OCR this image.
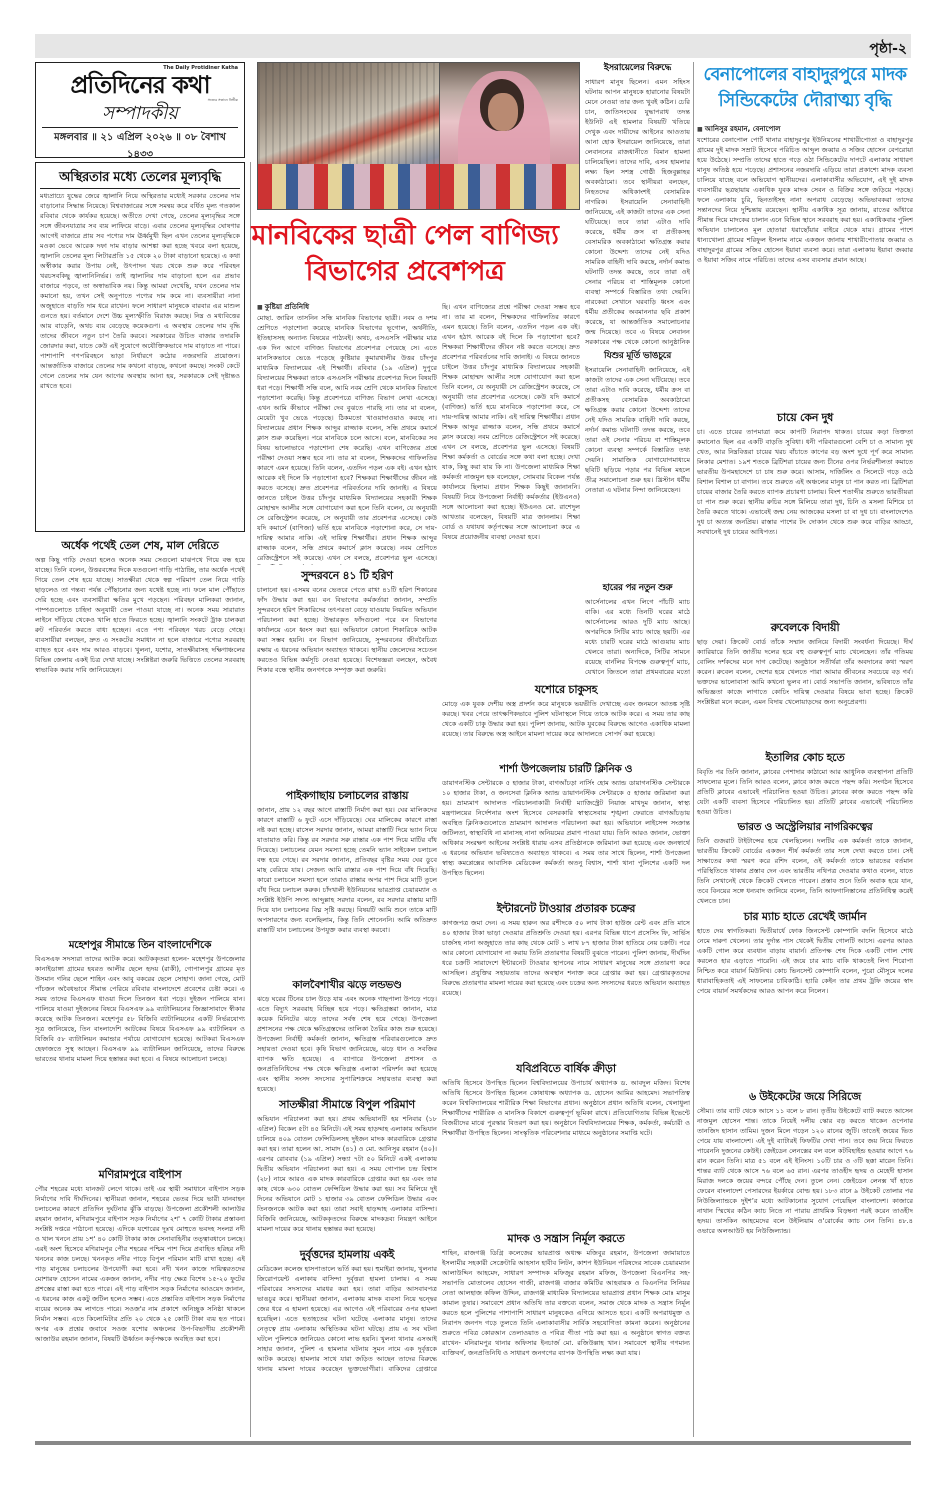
পৃষ্ঠা-২
The Daily Protidiner Katha
প্রতিদিনের কথা
সত্যের সন্ধানে নির্ভীক
সম্পাদকীয়
মঙ্গলবার ॥ ২১ এপ্রিল ২০২৬ ॥ ০৮ বৈশাখ ১৪৩৩
অস্থিরতার মধ্যে তেলের মূল্যবৃদ্ধি

মধ্যপ্রাচ্যে যুদ্ধের জেরে জ্বালানি নিয়ে অস্থিরতার মধ্যেই সরকার তেলের দাম বাড়ানোর সিদ্ধান্ত নিয়েছে। বিশ্ববাজারের সঙ্গে সমন্বয় করে বর্ধিত মূল্য গতকাল রবিবার থেকে কার্যকর হয়েছে। অতীতে দেখা গেছে, তেলের মূল্যবৃদ্ধির সঙ্গে সঙ্গে জীবনযাত্রার সব ব্যয় লাফিয়ে বাড়ে। এবার তেলের মূল্যবৃদ্ধির ঘোষণার আগেই বাজারে প্রায় সব পণ্যের দাম ঊর্ধ্বমুখী ছিল এখন তেলের মূল্যবৃদ্ধিকে মওকা ভেবে আরেক দফা দাম বাড়ার আশঙ্কা করা হচ্ছে খবরে বলা হয়েছে, জ্বালানি তেলের মূল্য লিটারপ্রতি ১৫ থেকে ২০ টাকা বাড়ানো হয়েছে। এ কথা অস্বীকার করার উপায় নেই, উৎপাদন খরচ থেকে শুরু করে পরিবহন খরচসবকিছু জ্বালানিনির্ভর। তাই জ্বালানির দাম বাড়ানো হলে এর প্রভাব বাজারে পড়বে, তা অস্বাভাবিক নয়। কিন্তু আমরা দেখেছি, যখন তেলের দাম কমানো হয়, তখন সেই অনুপাতে পণ্যের দাম কমে না। ব্যবসায়ীরা নানা অজুহাতে বাড়তি দাম ধরে রাখেন। ফলে সাধারণ মানুষকে বারবার এর মাশুল গুনতে হয়। বর্তমানে দেশে উচ্চ মূল্যস্ফীতি বিরাজ করছে। নিম্ন ও মধ্যবিত্তের আয় বাড়েনি, অথচ ব্যয় বেড়েছে কয়েকগুণ। এ অবস্থায় তেলের দাম বৃদ্ধি তাদের জীবনে নতুন চাপ তৈরি করবে। সরকারের উচিত বাজার তদারকি জোরদার করা, যাতে কেউ এই সুযোগে অযৌক্তিকভাবে দাম বাড়াতে না পারে। পাশাপাশি গণপরিবহনে ভাড়া নির্ধারণে কঠোর নজরদারি প্রয়োজন। আন্তর্জাতিক বাজারে তেলের দাম কখনো বাড়ছে, কখনো কমছে। সংকট কেটে গেলে তেলের দাম যেন আগের অবস্থায় আনা হয়, সরকারকে সেই দৃষ্টান্তও রাখতে হবে।

অর্ধেক পথেই তেল শেষ, মাল দেরিতে

অল্প কিছু গাড়ি দেওয়া হলেও অনেক সময় সেগুলো মাঝপথে গিয়ে বন্ধ হয়ে যাচ্ছে। তিনি বলেন, উত্তরবঙ্গের দিকে যতগুলো গাড়ি পাঠাচ্ছি, তার অর্ধেক পথেই গিয়ে তেল শেষ হয়ে যাচ্ছে। সাতক্ষীরা থেকে স্বল্প পরিমাণ তেল নিয়ে গাড়ি ছাড়লেও তা গন্তব্য পর্যন্ত পৌঁছানোর জন্য যথেষ্ট হচ্ছে না। ফলে মাল পৌঁছাতে দেরি হচ্ছে এবং ব্যবসায়ীরা ক্ষতির মুখে পড়ছেন। পরিবহন মালিকরা জানান, পাম্পগুলোতে চাহিদা অনুযায়ী তেল পাওয়া যাচ্ছে না। অনেক সময় সারারাত লাইনে দাঁড়িয়ে থেকেও খালি হাতে ফিরতে হচ্ছে। জ্বালানি সংকটে ট্রাক চালকরা রুট পরিবর্তন করতে বাধ্য হচ্ছেন। এতে পণ্য পরিবহন খরচ বেড়ে গেছে। ব্যবসায়ীরা বলছেন, দ্রুত এ সংকটের সমাধান না হলে বাজারে পণ্যের সরবরাহ ব্যাহত হবে এবং দাম আরও বাড়বে। খুলনা, যশোর, সাতক্ষীরাসহ দক্ষিণাঞ্চলের বিভিন্ন জেলায় একই চিত্র দেখা যাচ্ছে। সংশ্লিষ্টরা জরুরি ভিত্তিতে তেলের সরবরাহ স্বাভাবিক করার দাবি জানিয়েছেন।

মহেশপুর সীমান্তে তিন বাংলাদেশিকে

বিএসএফ সদস্যরা তাদের আটক করে। আটককৃতরা হলেন- মহেশপুর উপজেলার কানাইডাঙ্গা গ্রামের হযরত আলীর ছেলে হৃদয় (রাকী), গোপালপুর গ্রামের মৃত উসমান গনির ছেলে শাহিন এবং আবু বকরের ছেলে সোহাগ। জানা গেছে, মোট পাঁচজন অবৈধভাবে সীমান্ত পেরিয়ে রবিবার বাংলাদেশে প্রবেশের চেষ্টা করে। এ সময় তাদের বিএসএফ ধাওয়া দিলে তিনজন ধরা পড়ে। দুইজন পালিয়ে যান। পালিয়ে যাওয়া দুইজনের বিষয়ে বিএসএফ ৯৯ ব্যাটালিয়নের জিজ্ঞাসাবাদে স্বীকার করেছে আটক তিনজন। মহেশপুর ৫৮ বিজিবি ব্যাটালিয়নের একটি নির্ভরযোগ্য সূত্র জানিয়েছে, তিন বাংলাদেশি আটকের বিষয়ে বিএসএফ ৯৯ ব্যাটালিয়ন ও বিজিবি ৫৮ ব্যাটালিয়ন কমান্ডার পর্যায়ে যোগাযোগ হয়েছে। আটকরা বিএসএফ হেফাজতে সুস্থ আছেন। বিএসএফ ৯৯ ব্যাটালিয়ন জানিয়েছে, তাদের বিরুদ্ধে ভারতের থানায় মামলা দিয়ে হস্তান্তর করা হবে। এ বিষয়ে আলোচনা চলছে।

মণিরামপুরে বাইপাস

পৌর শহরের মধ্যে যানজট লেগে থাকে। তাই এর স্থায়ী সমাধানে বাইপাস সড়ক নির্মাণের দাবি দীর্ঘদিনের। স্থানীয়রা জানান, শহরের ভেতর দিয়ে ভারী যানবাহন চলাচলের কারণে প্রতিদিন দুর্ঘটনার ঝুঁকি বাড়ছে। উপজেলা প্রকৌশলী আলাউর রহমান জানান, মণিরামপুরে বাইপাস সড়ক নির্মাণের ২শ' ৭ কোটি টাকার প্রস্তাবনা সংশ্লিষ্ট দপ্তরে পাঠানো হয়েছে। এদিকে যশোরের দুঃখ মোহুতে ভবদহ সংলগ্ন নদী ও খাল খননে প্রায় ১শ' ৪০ কোটি টাকার কাজ সেনাবাহিনীর তত্ত্বাবধানে চলছে। এরই অংশ হিসেবে মণিরামপুর পৌর শহরের পশ্চিম পাশ দিয়ে প্রবাহিত হরিহর নদী খননের কাজ চলছে। খননকৃত নদীর পাড়ে বিপুল পরিমান মাটি রাখা হচ্ছে। এই পাড় মানুষের চলাচলের উপযোগী করা হবে। নদী খনন কাজে দায়িত্বরতদের মোশারফ হোসেন নামের একজন জানান, নদীর পাড় ক্ষেত্র বিশেষ ১৫-২০ ফুটের প্রশস্তের রাস্তা করা হতে পারে। এই পাড় বাইপাস সড়ক নির্মাণের আওয়েদ জানান, এ ধরনের কাজ একটু জটিল হলেও সম্ভব। এতে প্রস্তাবিত বাইপাস সড়ক নির্মাণের ব্যয়ের অনেক কম লাগতে পারে। সওজ'র নাম প্রকাশে অনিচ্ছুক সনিষ্ঠা থাকলে নির্মান সম্ভব। এতে কিলোমিটার প্রতি ২০ থেকে ২৫ কোটি টাকা ব্যয় হত পারে। অপর এক প্রশ্নের জবাবে সওজ যশোর অঞ্চলের উপ-বিভাগীয় প্রকৌশলী আজাউর রহমান জানান, বিষয়টি ঊর্ধ্বতন কর্তৃপক্ষকে অবহিত করা হবে।

মানবিকের ছাত্রী পেল বাণিজ্য বিভাগের প্রবেশপত্র
■ কুষ্টিয়া প্রতিনিধি

মোছা. জারিন তাসনিন সন্ধি মানবিক বিভাগের ছাত্রী। নবম ও দশম শ্রেণিতে পড়াশোনা করেছে মানবিক বিভাগের ভূগোল, অর্থনীতি, ইতিহাসসহ অন্যান্য বিষয়ের পাঠ্যবই। অথচ, এসএসসি পরীক্ষার মাত্র এক দিন আগে বাণিজ্য বিভাগের প্রবেশপত্র পেয়েছে সে। এতে মানসিকভাবে ভেঙে পড়েছে কুষ্টিয়ার কুমারখালীর উত্তর চাঁদপুর মাধ্যমিক বিদ্যালয়ের এই শিক্ষার্থী। রবিবার (১৯ এপ্রিল) দুপুরে বিদ্যালয়ের শিক্ষকরা তাকে এসএসসি পরীক্ষার প্রবেশপত্র দিলে বিষয়টি ধরা পড়ে। শিক্ষার্থী সন্ধি বলে, আমি নবম শ্রেণি থেকে মানবিক বিভাগে পড়াশোনা করেছি। কিন্তু প্রবেশপত্রে বাণিজ্য বিভাগ লেখা এসেছে। এখন আমি কীভাবে পরীক্ষা দেব বুঝতে পারছি না। তার মা বলেন, মেয়েটা খুব ভেঙে পড়েছে। ঠিকমতো খাওয়াদাওয়াও করছে না। বিদ্যালয়ের প্রধান শিক্ষক আব্দুর রাজ্জাক বলেন, সন্ধি প্রথমে কমার্সে ক্লাস শুরু করেছিল। পরে মানবিকে চলে আসে। বলে, মানবিকের সব বিষয় ভালোভাবে পড়াশোনা শেষ করেছি। এখন বাণিজ্যের প্রশ্নে পরীক্ষা দেওয়া সম্ভব হবে না। তার মা বলেন, শিক্ষকদের গাফিলতির কারণে এমন হয়েছে। তিনি বলেন, এতদিন পড়ল এক বই। এখন হঠাৎ আরেক বই দিলে কি পড়াশোনা হবে? শিক্ষকরা শিক্ষার্থীদের জীবন নষ্ট করতে বসেছে। দ্রুত প্রবেশপত্র পরিবর্তনের দাবি জানাই। এ বিষয়ে জানতে চাইলে উত্তর চাঁদপুর মাধ্যমিক বিদ্যালয়ের সহকারী শিক্ষক মোহাম্মদ আলীর সঙ্গে যোগাযোগ করা হলে তিনি বলেন, যে অনুযায়ী সে রেজিস্ট্রেশন করেছে, সে অনুযায়ী তার প্রবেশপত্র এসেছে। কেউ যদি কমার্সে (বাণিজ্য) ভর্তি হয়ে মানবিকে পড়াশোনা করে, সে দায়-দায়িত্ব আমার নাকি। এই দায়িত্ব শিক্ষার্থীর। প্রধান শিক্ষক আব্দুর রাজ্জাক বলেন, সন্ধি প্রথমে কমার্সে ক্লাস করেছে। নবম শ্রেণিতে রেজিস্ট্রেশনে সই করেছে। এখন সে বলছে, প্রবেশপত্র ভুল এসেছে।

সুন্দরবনে ৪১ টি হরিণ

চালানো হয়। এসময় বনের ভেতরে পেতে রাখা ৪১টি হরিণ শিকারের ফাঁদ উদ্ধার করা হয়। বন বিভাগের কর্মকর্তারা জানান, সম্প্রতি সুন্দরবনে হরিণ শিকারিদের তৎপরতা বেড়ে যাওয়ায় নিয়মিত অভিযান পরিচালনা করা হচ্ছে। উদ্ধারকৃত ফাঁদগুলো পরে বন বিভাগের কার্যালয়ে এনে ধ্বংস করা হয়। অভিযানে কোনো শিকারিকে আটক করা সম্ভব হয়নি। বন বিভাগ জানিয়েছে, সুন্দরবনের জীববৈচিত্র্য রক্ষায় এ ধরনের অভিযান অব্যাহত থাকবে। স্থানীয় জেলেদের সচেতন করতেও বিভিন্ন কর্মসূচি নেওয়া হয়েছে। বিশেষজ্ঞরা বলছেন, অবৈধ শিকার বন্ধে স্থানীয় জনগণকে সম্পৃক্ত করা জরুরি।

পাইকগাছায় চলাচলের রাস্তায়

জানান, প্রায় ১২ বছর আগে রাস্তাটি নির্মাণ করা হয়। ঘের মালিকদের কারণে রাস্তাটি ৬ ফুটে এসে দাঁড়িয়েছে। ঘের মালিকের কারণে রাস্তা নষ্ট করা হচ্ছে। রাসেল সরদার জানান, আমরা রাস্তাটি দিয়ে ভ্যান নিয়ে যাতায়াত করি। কিন্তু রব সরদার সরু রাস্তার এক পাশ দিয়ে মাটির বাঁধ দিয়েছে। চলাচলের যেমন সমস্যা হচ্ছে তেমনি ভ্যান সাইকেল চলাচল বন্ধ হয়ে গেছে। রব সরদার জানান, প্রতিবছর বৃষ্টির সময় ঘের ডুবে মাছ বেরিয়ে যায়। সেজন্য আমি রাস্তার এক পাশ দিয়ে বাঁধ দিয়েছি। কারো চলাচলে সমস্যা হলে তারাও রাস্তার অপর পাশ দিয়ে মাটি তুলে বাঁধ দিয়ে চলাচল করুক। চাঁদখালী ইউনিয়নের ভারপ্রাপ্ত চেয়ারম্যান ও সংশ্লিষ্ট ইউপি সদস্য আব্দুল্লাহ সরদার বলেন, রব সরদার রাস্তায় মাটি দিয়ে যান চলাচলের বিঘ্ন সৃষ্টি করছে। বিষয়টি আমি শুনে তাকে মাটি অপসারণের জন্য বলেছিলাম, কিন্তু তিনি শোনেননি। আমি অতিদ্রুত রাস্তাটি যান চলাচলের উপযুক্ত করার ব্যবস্থা করবো।

কালবৈশাখীর ঝড়ে লন্ডভণ্ড

ঝড়ে ঘরের টিনের চাল উড়ে যায় এবং অনেক গাছপালা উপড়ে পড়ে। এতে বিদ্যুৎ সরবরাহ বিচ্ছিন্ন হয়ে পড়ে। ক্ষতিগ্রস্তরা জানান, মাত্র কয়েক মিনিটের ঝড়ে তাদের সর্বস্ব শেষ হয়ে গেছে। উপজেলা প্রশাসনের পক্ষ থেকে ক্ষতিগ্রস্তদের তালিকা তৈরির কাজ শুরু হয়েছে। উপজেলা নির্বাহী কর্মকর্তা জানান, ক্ষতিগ্রস্ত পরিবারগুলোকে দ্রুত সহায়তা দেওয়া হবে। কৃষি বিভাগ জানিয়েছে, ঝড়ে ধান ও সবজির ব্যাপক ক্ষতি হয়েছে। এ ব্যাপারে উপজেলা প্রশাসন ও জনপ্রতিনিধিদের পক্ষ থেকে ক্ষতিগ্রস্ত এলাকা পরিদর্শন করা হয়েছে এবং স্থানীয় সংসদ সদস্যের সুপারিশক্রমে সহায়তার ব্যবস্থা করা হয়েছে।

সাতক্ষীরা সীমান্তে বিপুল পরিমাণ

অভিযান পরিচালনা করা হয়। প্রথম অভিযানটি হয় শনিবার (১৮ এপ্রিল) বিকেল ৫টা ৪৫ মিনিটে। এই সময় হাড়দ্দাহ এলাকায় অভিযান চালিয়ে ৪০৯ বোতল ফেন্সিডিলসহ দুইজন মাদক কারবারিকে গ্রেপ্তার করা হয়। তারা হলেন আ. সামাদ (৪১) ও মো. আনিসুর রহমান (৪০)। এরপর রোববার (১৯ এপ্রিল) সন্ধ্যা ৭টা ৫০ মিনিটে একই এলাকায় দ্বিতীয় অভিযান পরিচালনা করা হয়। এ সময় গোপাল চন্দ্র বিশ্বাস (২৮) নামে আরও এক মাদক কারবারিকে গ্রেপ্তার করা হয় এবং তার কাছ থেকে ৬৩০ বোতল ফেন্সিডিল উদ্ধার করা হয়। সব মিলিয়ে দুই দিনের অভিযানে মোট ১ হাজার ৩৯ বোতল ফেন্সিডিল উদ্ধার এবং তিনজনকে আটক করা হয়। তারা সবাই হাড়দ্দাহ এলাকার বাসিন্দা। বিজিবি জানিয়েছে, আটককৃতদের বিরুদ্ধে মাদকদ্রব্য নিয়ন্ত্রণ আইনে মামলা দায়ের করে থানায় হস্তান্তর করা হয়েছে।

দুর্বৃত্তদের হামলায় একই

মেডিকেল কলেজ হাসপাতালে ভর্তি করা হয়। হুমাইরা জানায়, খুলনার জিরোপয়েন্ট এলাকায় বাসিন্দা দুর্বৃত্তরা হামলা চালায়। এ সময় পরিবারের সদস্যদের মারধর করা হয়। তারা বাড়ির আসবাবপত্র ভাঙচুর করে। স্থানীয়রা জানান, এলাকায় মাদক ব্যবসা নিয়ে দ্বন্দ্বের জের ধরে এ হামলা হয়েছে। এর আগেও এই পরিবারের ওপর হামলা হয়েছিল। এতে হতাহতের ঘটনা ঘটেছে এলাকার মানুষ। তাদের নেতৃত্বে প্রায় এলাকায় অস্থিতিকর ঘটনা ঘটছে। প্রায় এ সব ঘটনা ঘটলে পুলিশকে জানিয়েও কোনো লাভ হয়নি। খুলনা থানার এসআই সাহার জানান, পুলিশ এ হামলার ঘটনায় সুমন নামে এক দুর্বৃত্তকে আটক করেছে। হামলার সাথে যারা জড়িত আছেন তাদের বিরুদ্ধে থানায় মামলা দায়ের করেছেন ভুক্তভোগীরা। বাকিদের গ্রেপ্তারে

ছি। এখন বাণিজ্যের প্রশ্নে পরীক্ষা দেওয়া সম্ভব হবে না। তার মা বলেন, শিক্ষকদের গাফিলতির কারণে এমন হয়েছে। তিনি বলেন, এতদিন পড়ল এক বই। এখন হঠাৎ আরেক বই দিলে কি পড়াশোনা হবে? শিক্ষকরা শিক্ষার্থীদের জীবন নষ্ট করতে বসেছে। দ্রুত প্রবেশপত্র পরিবর্তনের দাবি জানাই। এ বিষয়ে জানতে চাইলে উত্তর চাঁদপুর মাধ্যমিক বিদ্যালয়ের সহকারী শিক্ষক মোহাম্মদ আলীর সঙ্গে যোগাযোগ করা হলে তিনি বলেন, যে অনুযায়ী সে রেজিস্ট্রেশন করেছে, সে অনুযায়ী তার প্রবেশপত্র এসেছে। কেউ যদি কমার্সে (বাণিজ্য) ভর্তি হয়ে মানবিকে পড়াশোনা করে, সে দায়-দায়িত্ব আমার নাকি। এই দায়িত্ব শিক্ষার্থীর। প্রধান শিক্ষক আব্দুর রাজ্জাক বলেন, সন্ধি প্রথমে কমার্সে ক্লাস করেছে। নবম শ্রেণিতে রেজিস্ট্রেশনে সই করেছে। এখন সে বলছে, প্রবেশপত্র ভুল এসেছে। বিষয়টি শিক্ষা কর্মকর্তা ও বোর্ডের সঙ্গে কথা বলা হচ্ছে। দেখা যাক, কিছু করা যায় কি না। উপজেলা মাধ্যমিক শিক্ষা কর্মকর্তা নাজমুল হক বলেছেন, সোমবার বিকেল পর্যন্ত কার্যালয়ে ছিলাম। প্রধান শিক্ষক কিছুই জানাননি। বিষয়টি নিয়ে উপজেলা নির্বাহী কর্মকর্তার (ইউএনও) সঙ্গে আলোচনা করা হচ্ছে। ইউএনও মো. রাশেদুল আখতার বলেছেন, বিষয়টি মাত্র জানলাম। শিক্ষা বোর্ড ও যথাযথ কর্তৃপক্ষের সঙ্গে আলোচনা করে এ বিষয়ে প্রয়োজনীয় ব্যবস্থা নেওয়া হবে।

ইসরায়েলের বিরুদ্ধে

সাধারণ মানুষ ছিলেন। এমন সহিংস ঘটনায় আপন মানুষকে হারানোর বিষয়টা মেনে নেওয়া তার জন্য খুবই কঠিন। চেরি চান, জাতিসংঘের যুদ্ধাপরাধ তদন্ত ইউনিট এই হামলার বিষয়টি খতিয়ে দেখুক এবং দায়ীদের আইনের আওতায় আনা হোক ইসরায়েল জানিয়েছে, তারা লেবাননের রাজধানীতে বিমান হামলা চালিয়েছিল। তাদের দাবি, এসব হামলার লক্ষ্য ছিল সশস্ত্র গোষ্ঠী হিজবুল্লাহর অবকাঠামো। তবে স্থানীয়রা বলছেন, নিহতদের অধিকাংশই বেসামরিক নাগরিক। ইসরায়েলি সেনাবাহিনী জানিয়েছে, এই কাজটা তাদের এক সেনা ঘটিয়েছে। তবে তারা এটাও দাবি করেছে, ধর্মীয় ক্রস বা প্রতীকসহ বেসামরিক অবকাঠামো ক্ষতিগ্রস্ত করার কোনো উদ্দেশ্য তাদের নেই যদিও সামরিক বাহিনী দাবি করছে, নর্দার্ন কমান্ড ঘটনাটি তদন্ত করছে, তবে তারা ওই সেনার পরিচয় বা শাস্তিমূলক কোনো ব্যবস্থা সম্পর্কে বিস্তারিত তথ্য দেয়নি। নারকেরা সেখানে ঘরবাড়ি ধ্বংস এবং ধর্মীয় প্রতীকের অবমাননার ছবি প্রকাশ করেছে, যা আন্তর্জাতিক সমালোচনার জন্ম দিয়েছে। তবে এ বিষয়ে লেবানন সরকারের পক্ষ থেকে কোনো আনুষ্ঠানিক

যিশুর মূর্তি ভাঙচুরে

ইসরায়েলি সেনাবাহিনী জানিয়েছে, এই কাজটা তাদের এক সেনা ঘটিয়েছে। তবে তারা এটাও দাবি করেছে, ধর্মীয় ক্রস বা প্রতীকসহ বেসামরিক অবকাঠামো ক্ষতিগ্রস্ত করার কোনো উদ্দেশ্য তাদের নেই যদিও সামরিক বাহিনী দাবি করছে, নর্দার্ন কমান্ড ঘটনাটি তদন্ত করছে, তবে তারা ওই সেনার পরিচয় বা শাস্তিমূলক কোনো ব্যবস্থা সম্পর্কে বিস্তারিত তথ্য দেয়নি। সামাজিক যোগাযোগমাধ্যমে ছবিটি ছড়িয়ে পড়ার পর বিভিন্ন মহলে তীব্র সমালোচনা শুরু হয়। খ্রিস্টান ধর্মীয় নেতারা এ ঘটনার নিন্দা জানিয়েছেন।

হারের পর নতুন শুরু

আর্সেনালের এখন লিগে পাঁচটি ম্যাচ বাকি। এর মধ্যে তিনটি ঘরের মাঠে আর্সেনালের আরও দুটি ম্যাচ আছে। অপরদিকে সিটির ম্যাচ আছে ছয়টি। এর মধ্যে চারটি ঘরের মাঠে আগুয়ায় ম্যাচ খেলবে তারা। অন্যদিকে, সিটির সামনে রয়েছে বার্নলির বিপক্ষে গুরুত্বপূর্ণ ম্যাচ, যেখানে জিতলে তারা প্রথমবারের মতো

যশোরে চাকুসহ

মোড়ে এক যুবক দেশীয় অস্ত্র প্রদর্শন করে মানুষকে ভয়ভীতি দেখাচ্ছে এবং জনমনে আতঙ্ক সৃষ্টি করছে। খবর পেয়ে তাৎক্ষণিকভাবে পুলিশ ঘটনাস্থলে গিয়ে তাকে আটক করে। এ সময় তার কাছ থেকে একটি চাকু উদ্ধার করা হয়। পুলিশ জানায়, আটক যুবকের বিরুদ্ধে আগেও একাধিক মামলা রয়েছে। তার বিরুদ্ধে অস্ত্র আইনে মামলা দায়ের করে আদালতে সোপর্দ করা হয়েছে।

শার্শা উপজেলায় চারটি ক্লিনিক ও

ডায়াগনস্টিক সেন্টারকে ৫ হাজার টাকা, বাগআঁচড়া নার্সিং হোম অ্যান্ড ডায়াগনস্টিক সেন্টারকে ১০ হাজার টাকা, ও জনসেবা ক্লিনিক অ্যান্ড ডায়াগনস্টিক সেন্টারকে ৫ হাজার জরিমানা করা হয়। ভ্রাম্যমাণ আদালত পরিচালনাকারী নির্বাহী ম্যাজিস্ট্রেট নিয়াজ মাখদুম জানান, স্বাস্থ্য মন্ত্রণালয়ের নির্দেশনার অংশ হিসেবে বেসরকারি স্বাস্থ্যসেবায় শৃঙ্খলা ফেরাতে বাগআঁচড়ায় অবস্থিত ক্লিনিকগুলোতে ভ্রাম্যমাণ আদালত পরিচালনা করা হয়। অভিযানে লাইসেন্স সংক্রান্ত জটিলতা, স্বাস্থ্যবিধি না মানাসহ নানা অনিয়মের প্রমাণ পাওয়া যায়। তিনি আরও জানান, ভোক্তা অধিকার সংরক্ষণ আইনের সংশ্লিষ্ট ধারায় এসব প্রতিষ্ঠানকে জরিমানা করা হয়েছে এবং জনস্বার্থে এ ধরনের অভিযান ভবিষ্যতেও অব্যাহত থাকবে। এ সময় তার সাথে ছিলেন, শার্শা উপজেলা স্বাস্থ্য কমপ্লেক্সের আবাসিক মেডিকেল কর্মকর্তা অতনু বিশ্বাস, শার্শা থানা পুলিশের একটি দল উপস্থিত ছিলেন।

ইন্টারনেট টাওয়ার প্রতারক চক্রের

কাগজপত্র জমা দেন। এ সময় হারুন অর রশীদকে ৫০ লাখ টাকা হাউজ রেন্ট এবং প্রতি মাসে ৪০ হাজার টাকা ভাড়া দেওয়ার প্রতিশ্রুতি দেওয়া হয়। এরপর বিভিন্ন ধাপে প্রসেসিং ফি, সার্ভিস চার্জসহ নানা অজুহাতে তার কাছ থেকে মোট ১ লাখ ৮৭ হাজার টাকা হাতিয়ে নেয় চক্রটি। পরে আর কোনো যোগাযোগ না করায় তিনি প্রতারণার বিষয়টি বুঝতে পারেন। পুলিশ জানায়, দীর্ঘদিন ধরে চক্রটি সারাদেশে ইন্টারনেট টাওয়ার স্থাপনের নামে সাধারণ মানুষের সঙ্গে প্রতারণা করে আসছিল। প্রযুক্তির সহায়তায় তাদের অবস্থান শনাক্ত করে গ্রেপ্তার করা হয়। গ্রেপ্তারকৃতদের বিরুদ্ধে প্রতারণার মামলা দায়ের করা হয়েছে এবং চক্রের অন্য সদস্যদের ধরতে অভিযান অব্যাহত রয়েছে।

যবিপ্রবিতে বার্ষিক ক্রীড়া

অতিথি হিসেবে উপস্থিত ছিলেন বিশ্ববিদ্যালয়ের উপাচার্য অধ্যাপক ড. আবদুল মজিদ। বিশেষ অতিথি হিসেবে উপস্থিত ছিলেন কোষাধ্যক্ষ অধ্যাপক ড. হোসেন আমির আহমেদ। সভাপতিত্ব করেন বিশ্ববিদ্যালয়ের শারীরিক শিক্ষা বিভাগের প্রধান। অনুষ্ঠানে প্রধান অতিথি বলেন, খেলাধুলা শিক্ষার্থীদের শারীরিক ও মানসিক বিকাশে গুরুত্বপূর্ণ ভূমিকা রাখে। প্রতিযোগিতায় বিভিন্ন ইভেন্টে বিজয়ীদের মাঝে পুরস্কার বিতরণ করা হয়। অনুষ্ঠানে বিশ্ববিদ্যালয়ের শিক্ষক, কর্মকর্তা, কর্মচারী ও শিক্ষার্থীরা উপস্থিত ছিলেন। সাংস্কৃতিক পরিবেশনার মাধ্যমে অনুষ্ঠানের সমাপ্তি ঘটে।

মাদক ও সন্ত্রাস নির্মূল করতে

শাহিন, রাজগঞ্জ ডিগ্রি কলেজের ভারপ্রাপ্ত অধ্যক্ষ মজিবুর রহমান, উপজেলা জামায়াতে ইসলামীর সহকারী সেক্রেটারি আহসান হাবীব লিটন, কাশপ ইউনিয়ন পরিষদের সাবেক চেয়ারম্যান আলাউদ্দিন আহমেদ, সাধারণ সম্পাদক মফিজুর রহমান মফিজ, উপজেলা বিএনপির সহ-সভাপতি মোতালেব হোসেন গাজী, রাজগঞ্জ বাজার কমিটির আহবায়ক ও বিএনপির সিনিয়র নেতা আলহাজ কফিল উদ্দিন, রাজগঞ্জ মাধ্যমিক বিদ্যালয়ের ভারপ্রাপ্ত প্রধান শিক্ষক মোঃ মাসুম কামাল তুষার। সমাবেশে প্রধান অতিথি তার বক্তব্যে বলেন, সমাজ থেকে মাদক ও সন্ত্রাস নির্মূল করতে হলে পুলিশের পাশাপাশি সাধারণ মানুষকেও এগিয়ে আসতে হবে। একটি অপরাধমুক্ত ও নিরাপদ জনপদ গড়ে তুলতে তিনি এলাকাবাসীর সার্বিক সহযোগিতা কামনা করেন। অনুষ্ঠানের শুরুতে পবিত্র কোরআন তেলাওয়াত ও পবিত্র গীতা পাঠ করা হয়। এ অনুষ্ঠানে স্বাগত বক্তব্য রাখেন- মনিরামপুর থানার অফিসার ইনচার্জ মো. রজিউল্লাহ খান। সমাবেশে স্থানীয় গণমান্য ব্যক্তিবর্গ, জনপ্রতিনিধি ও সাধারণ জনগণের ব্যাপক উপস্থিতি লক্ষ্য করা যায়।

বেনাপোলের বাহাদুরপুরে মাদক সিন্ডিকেটের দৌরাত্ম্য বৃদ্ধি
■ আনিসুর রহমান, বেনাপোল

যশোরের বেনাপোল পোর্ট থানার বাহাদুরপুর ইউনিয়নের শাখারীপোতা ও বাহাদুরপুর গ্রামের দুই মাদক সম্রাট হিসেবে পরিচিত আব্দুল জব্বার ও সজিব হোসেন বেপরোয়া হয়ে উঠেছে। সম্প্রতি তাদের হাতে গড়ে ওঠা সিন্ডিকেটের দাপটে এলাকার সাধারণ মানুষ অতিষ্ঠ হয়ে পড়েছে। প্রশাসনের নজরদারি এড়িয়ে তারা প্রকাশ্যে মাদক ব্যবসা চালিয়ে যাচ্ছে বলে অভিযোগ স্থানীয়দের। এলাকাবাসীর অভিযোগ, এই দুই মাদক ব্যবসায়ীর ছত্রছায়ায় একাধিক যুবক মাদক সেবন ও বিক্রির সঙ্গে জড়িয়ে পড়ছে। ফলে এলাকায় চুরি, ছিনতাইসহ নানা অপরাধ বেড়েছে। অভিভাবকরা তাদের সন্তানদের নিয়ে দুশ্চিন্তায় রয়েছেন। স্থানীয় একাধিক সূত্র জানায়, রাতের আঁধারে সীমান্ত দিয়ে মাদকের চালান এনে বিভিন্ন স্থানে সরবরাহ করা হয়। একাধিকবার পুলিশ অভিযান চালালেও মূল হোতারা ধরাছোঁয়ার বাইরে থেকে যায়। গ্রামের পাশে ধান্যখোলা গ্রামের শরিফুল ইসলাম নামে একজন জানায় শাখারীপোতার জব্বার ও বাহাদুরপুর গ্রামের সজিব হোসেন ইয়াবা ব্যবসা করে। তারা এলাকায় ইয়াবা জব্বার ও ইয়াবা সজিব নামে পরিচিত। তাদের এসব ব্যবসার প্রমান আছে।

চায়ে কেন দুধ

চা। এতে চায়ের তাপমাত্রা কমে কাপটি নিরাপদ থাকত। চায়ের কড়া তিক্ততা কমানোও ছিল এর একটি বাড়তি সুবিধা। ধনী পরিবারগুলো বেশি চা ও সামান্য দুধ খেত, আর নিম্নবিত্তরা চায়ের খরচ বাঁচাতে কাপের বড় অংশ দুধে পূর্ণ করে সামান্য লিকার মেশাত। ১৯শ শতকে ব্রিটিশরা চায়ের জন্য চীনের ওপর নির্ভরশীলতা কমাতে ভারতীয় উপমহাদেশে চা চাষ শুরু করে। আসাম, দার্জিলিং ও সিলেটে গড়ে ওঠে বিশাল বিশাল চা বাগান। তবে শুরুতে এই অঞ্চলের মানুষ চা পান করত না। ব্রিটিশরা চায়ের বাজার তৈরি করতে ব্যাপক প্রচারণা চালায়। বিংশ শতাব্দীর শুরুতে ভারতীয়রা চা পান শুরু করে। স্থানীয় রুচির সঙ্গে মিলিয়ে তারা দুধ, চিনি ও মসলা মিশিয়ে চা তৈরি করতে থাকে। এভাবেই জন্ম নেয় আজকের মসলা চা বা দুধ চা। বাংলাদেশেও দুধ চা অত্যন্ত জনপ্রিয়। রাস্তার পাশের টং দোকান থেকে শুরু করে বাড়ির আড্ডা, সবখানেই দুধ চায়ের আধিপত্য।

রুবেলকে বিদায়ী

ছাড় দেয়া। ক্রিকেট বোর্ড তাঁকে সম্মান জানিয়ে বিদায়ী সংবর্ধনা দিয়েছে। দীর্ঘ ক্যারিয়ারে তিনি জাতীয় দলের হয়ে বহু গুরুত্বপূর্ণ ম্যাচ খেলেছেন। তাঁর গতিময় বোলিং দর্শকদের মনে দাগ কেটেছে। অনুষ্ঠানে সতীর্থরা তাঁর অবদানের কথা স্মরণ করেন। রুবেল বলেন, দেশের হয়ে খেলতে পারা আমার জীবনের সবচেয়ে বড় গর্ব। ভক্তদের ভালোবাসা আমি কখনো ভুলব না। বোর্ড সভাপতি জানান, ভবিষ্যতে তাঁর অভিজ্ঞতা কাজে লাগাতে কোচিং দায়িত্ব দেওয়ার বিষয়ে ভাবা হচ্ছে। ক্রিকেট সংশ্লিষ্টরা মনে করেন, এমন বিদায় খেলোয়াড়দের জন্য অনুপ্রেরণা।

ইতালির কোচ হতে

বিবৃতি পর তিনি জানান, ক্লাবের পেশাদার কাঠামো আর আধুনিক ব্যবস্থাপনা প্রতিটি সাফল্যের মূলে। তিনি আরও বলেন, ক্লাবে কাজ করতে পছন্দ করি। সংগঠন হিসেবে প্রতিটি ক্লাবের এভাবেই পরিচালিত হওয়া উচিত। ক্লাবের কাজ করতে পছন্দ করি যেটা একটি ব্যবসা হিসেবে পরিচালিত হয়। প্রতিটি ক্লাবের এভাবেই পরিচালিত হওয়া উচিত।

ভারত ও অস্ট্রেলিয়ার নাগরিকত্বের

তিনি গুজরাট টাইটান্সের হয়ে খেলছিলেন। দলটির এক কর্মকর্তা তাকে জানান, ভারতীয় ক্রিকেট বোর্ডের একজন শীর্ষ কর্মকর্তা তার সঙ্গে দেখা করতে চান। সেই সাক্ষাতের কথা স্মরণ করে রশিদ বলেন, ওই কর্মকর্তা তাকে ভারতের বর্তমান পরিস্থিতিতে থাকার প্রস্তাব দেন এবং ভারতীয় নথিপত্র দেওয়ার কথাও বলেন, যাতে তিনি সেখানেই থেকে ক্রিকেট খেলতে পারেন। প্রস্তাব শুনে তিনি অবাক হয়ে যান, তবে বিনয়ের সঙ্গে ধন্যবাদ জানিয়ে বলেন, তিনি আফগানিস্তানের প্রতিনিধিত্ব করেই খেলতে চান।

চার ম্যাচ হাতে রেখেই জার্মান

হাতে দেয় স্বাগতিকরা। দ্বিতীয়ার্ধে ফোক জিনসেন্ট কোম্পানি বদলি হিসেবে মাঠে নেমে দারুণ খেলেন। তার দুর্দান্ত পাস থেকেই দ্বিতীয় গোলটি আসে। এরপর আরও একটি গোল করে ব্যবধান বাড়ায় বায়ার্ন। প্রতিপক্ষ শেষ দিকে একটি গোল শোধ করলেও হার এড়াতে পারেনি। এই জয়ে চার ম্যাচ বাকি থাকতেই লিগ শিরোপা নিশ্চিত করে বায়ার্ন মিউনিখ। কোচ ভিনসেন্ট কোম্পানি বলেন, পুরো মৌসুমে দলের ধারাবাহিকতাই এই সাফল্যের চাবিকাঠি। হ্যারি কেইন তার প্রথম ট্রফি জয়ের স্বাদ পেয়ে বায়ার্ন সমর্থকদের আরও আপন করে নিলেন।

৬ উইকেটের জয়ে সিরিজে

সৌম্য। তার ব্যাট থেকে আসে ১১ বলে ৮ রান। তৃতীয় উইকেটে ব্যাট করতে আসেন নাজমুল হোসেন শান্ত। তাকে নিয়েই দলীয় স্কোর বড় করতে থাকেন ওপেনার তানজিদ হাসান তামিম। দুজন মিলে গড়েন ১২০ রানের জুটি। তাতেই জয়ের ভিত পেয়ে যায় বাংলাদেশ। এই দুই ব্যাটারই ফিফটির দেখা পান। তবে জয় নিয়ে ফিরতে পারেননি দুজনের কেউই। জেইডেন লেনক্সের বল বলে কটবিহাইন্ড হওয়ার আগে ৭৬ রান করেন তিনি। মাত্র ৫১ বলে এই ইনিংস। ১০টি চার ও ৩টি ছক্কা মারেন তিনি। শান্তর ব্যাট থেকে আসে ৭৬ বলে ৬৫ রান। এরপর তাওহীদ হৃদয় ও মেহেদী হাসান মিরাজ দলকে জয়ের বন্দরে পৌঁছে দেন। তুলে নেন। জেইডেন লেনক্স খাঁ হাতে ফেরেন বাংলাদেশ পেসারদের ইয়র্কারে বোল্ড হয়। ১৮৩ রানে ৯ উইকেট তোলার পর নিউজিল্যান্ডকে দুইশ’র মধ্যে আটকানোর সুযোগ পেয়েছিল বাংলাদেশ। কাজারে নাথান স্মিথের কঠিন ক্যাচ নিতে না পারায় প্রাথমিক বিড়ম্বনা পরই করেন তাওহীদ হৃদয়। তাসকিন আহমেদের বলে উইলিয়াম ও'রোর্কের ক্যাচ নেন তিনি। ৪৮.৪ ওভারে অলআউট হয় নিউজিল্যান্ড।
